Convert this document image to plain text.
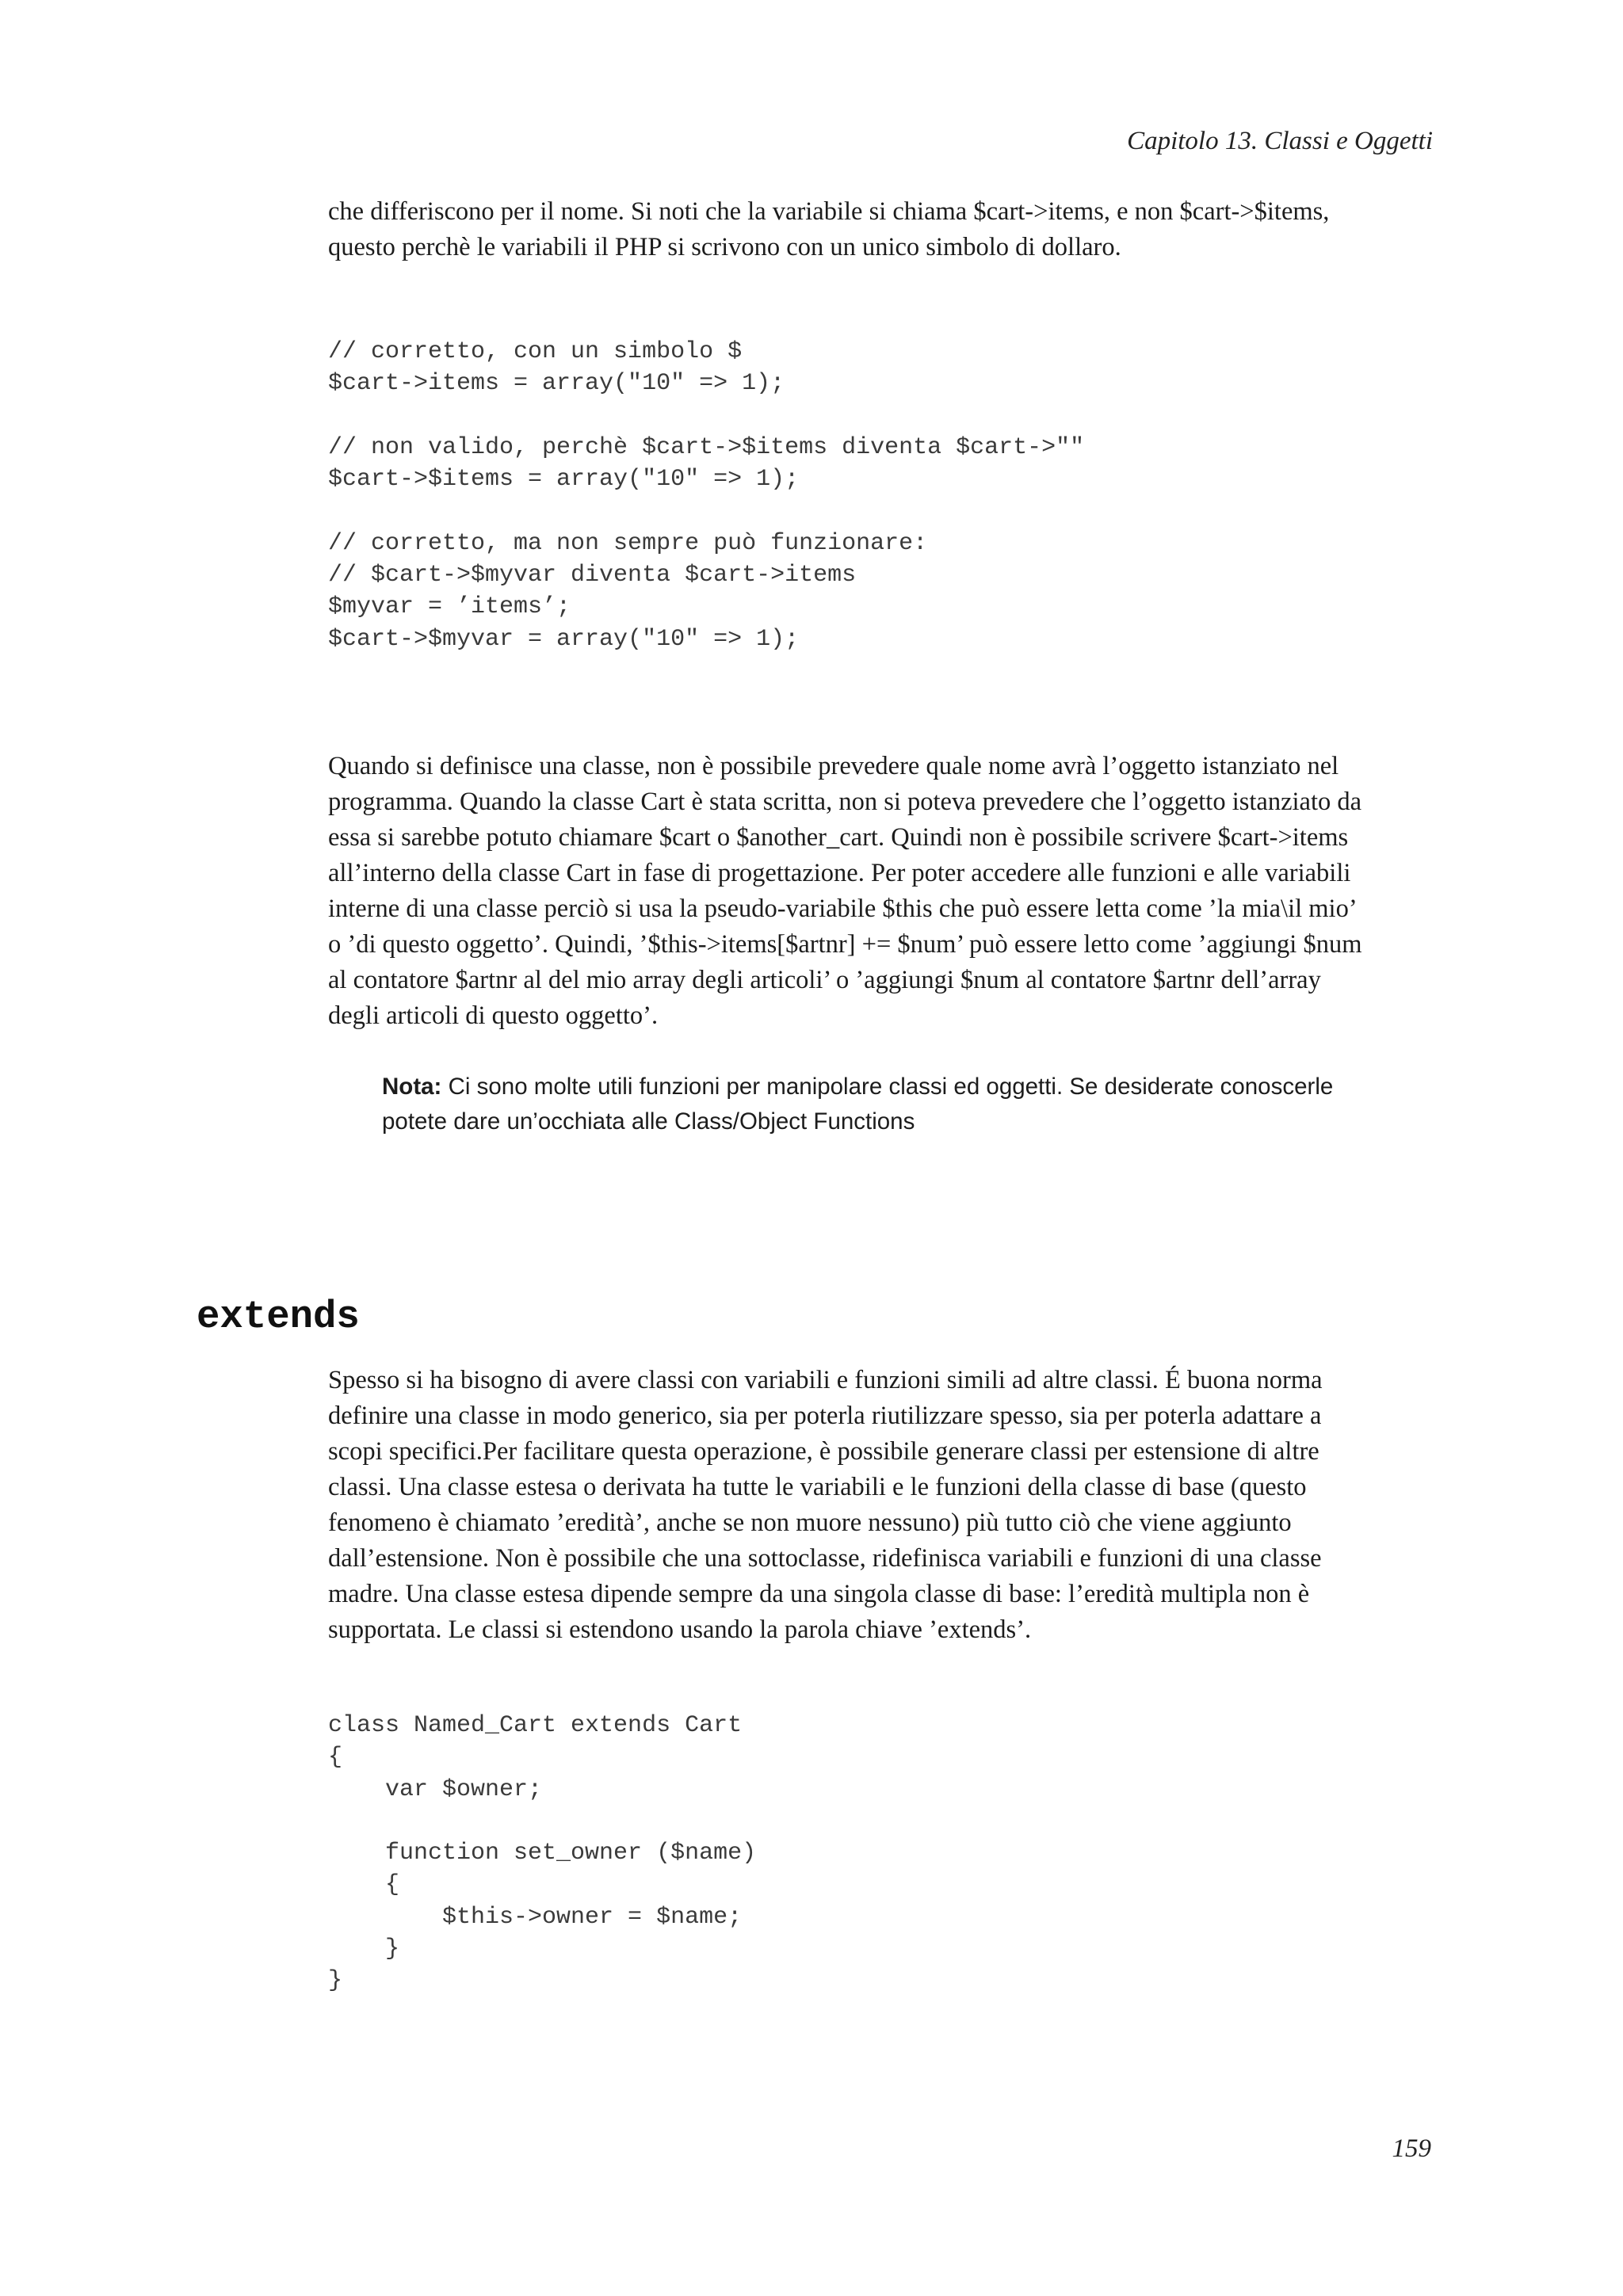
Capitolo 13. Classi e Oggetti
che differiscono per il nome. Si noti che la variabile si chiama $cart->items, e non $cart->$items,
questo perchè le variabili il PHP si scrivono con un unico simbolo di dollaro.
// corretto, con un simbolo $
$cart->items = array("10" => 1);
// non valido, perchè $cart->$items diventa $cart->""
$cart->$items = array("10" => 1);
// corretto, ma non sempre può funzionare:
// $cart->$myvar diventa $cart->items
$myvar = ’items’;
$cart->$myvar = array("10" => 1);
Quando si definisce una classe, non è possibile prevedere quale nome avrà l’oggetto istanziato nel
programma. Quando la classe Cart è stata scritta, non si poteva prevedere che l’oggetto istanziato da
essa si sarebbe potuto chiamare $cart o $another_cart. Quindi non è possibile scrivere $cart->items
all’interno della classe Cart in fase di progettazione. Per poter accedere alle funzioni e alle variabili
interne di una classe perciò si usa la pseudo-variabile $this che può essere letta come ’la mia\il mio’
o ’di questo oggetto’. Quindi, ’$this->items[$artnr] += $num’ può essere letto come ’aggiungi $num
al contatore $artnr al del mio array degli articoli’ o ’aggiungi $num al contatore $artnr dell’array
degli articoli di questo oggetto’.
Nota: Ci sono molte utili funzioni per manipolare classi ed oggetti. Se desiderate conoscerle
potete dare un’occhiata alle Class/Object Functions
extends
Spesso si ha bisogno di avere classi con variabili e funzioni simili ad altre classi. É buona norma
definire una classe in modo generico, sia per poterla riutilizzare spesso, sia per poterla adattare a
scopi specifici.Per facilitare questa operazione, è possibile generare classi per estensione di altre
classi. Una classe estesa o derivata ha tutte le variabili e le funzioni della classe di base (questo
fenomeno è chiamato ’eredità’, anche se non muore nessuno) più tutto ciò che viene aggiunto
dall’estensione. Non è possibile che una sottoclasse, ridefinisca variabili e funzioni di una classe
madre. Una classe estesa dipende sempre da una singola classe di base: l’eredità multipla non è
supportata. Le classi si estendono usando la parola chiave ’extends’.
class Named_Cart extends Cart
{
var $owner;
function set_owner ($name)
{
$this->owner = $name;
}
}
159
